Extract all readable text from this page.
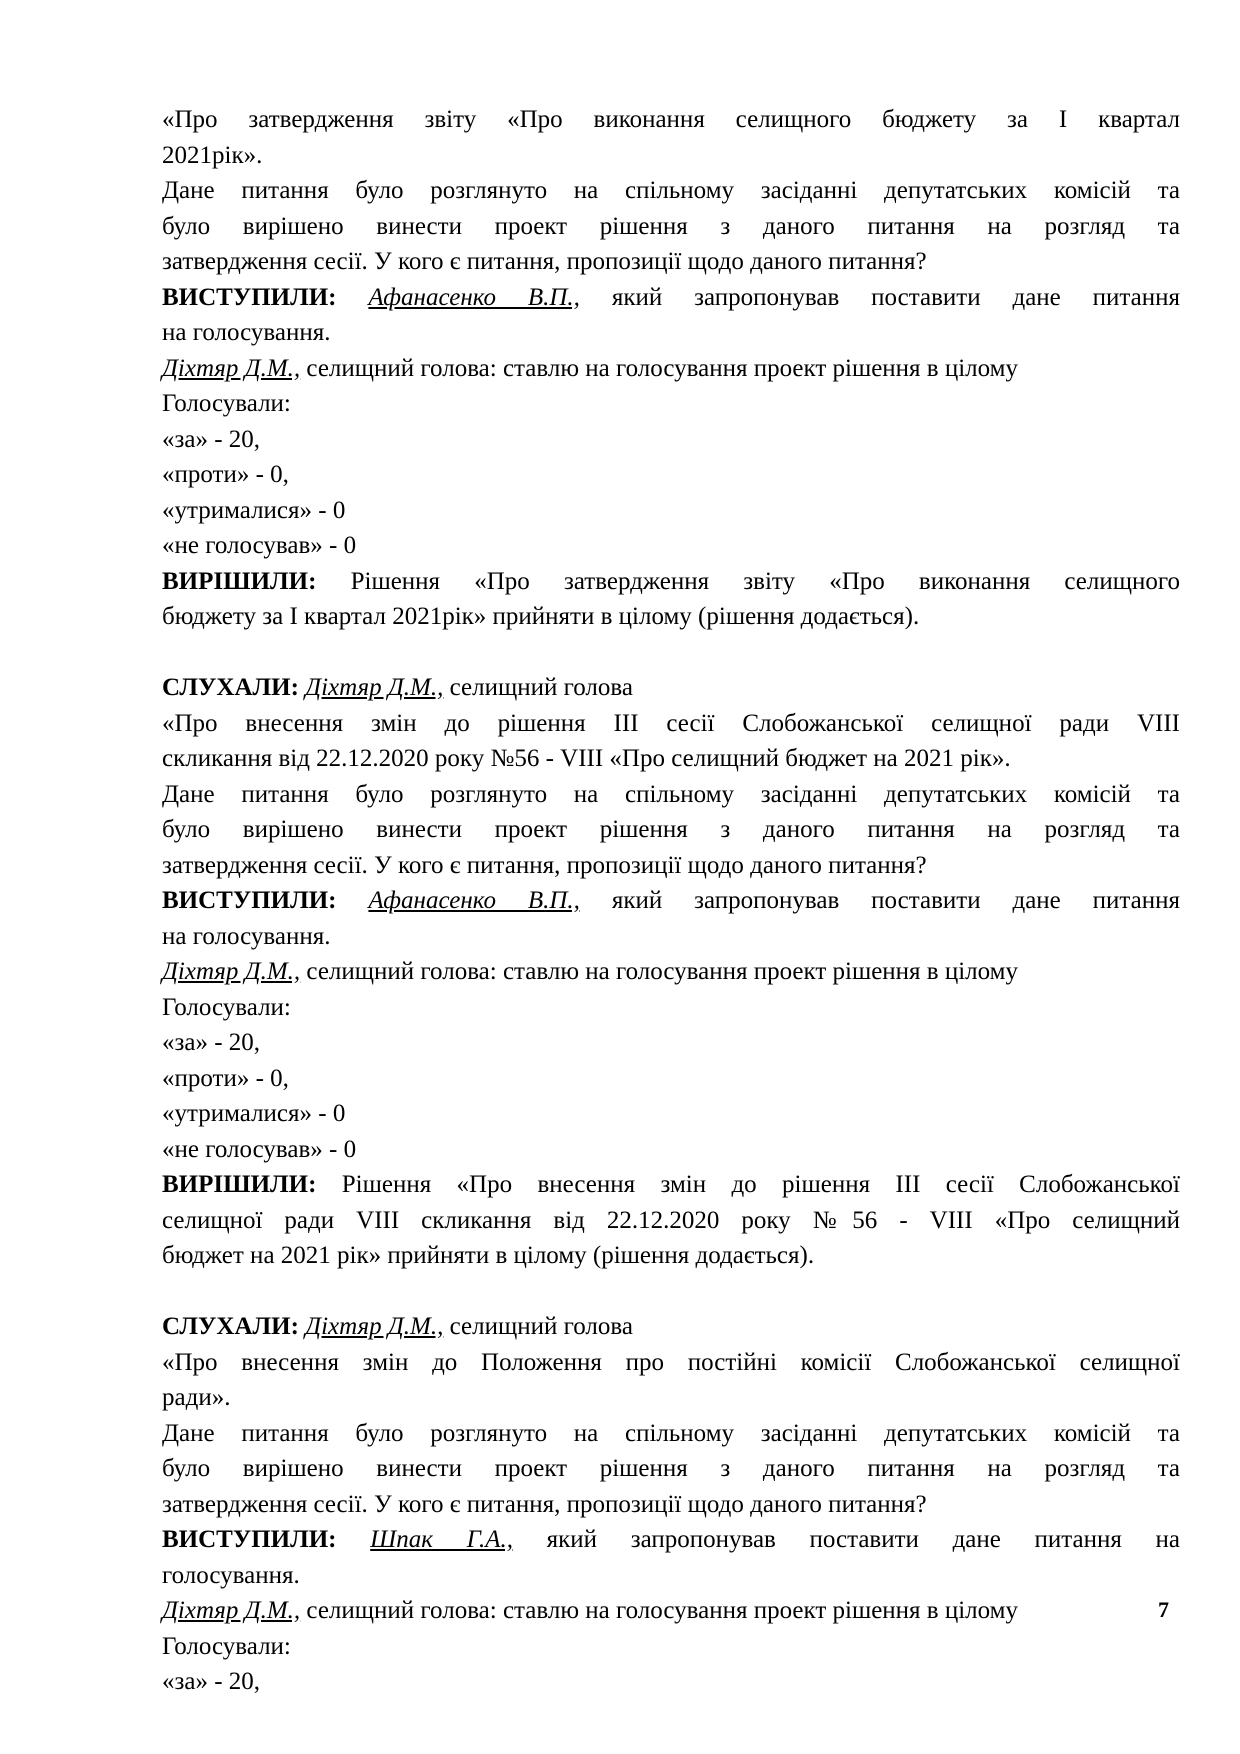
«Про затвердження звіту «Про виконання селищного бюджету за I квартал
2021рік».
Дане питання було розглянуто на спільному засіданні депутатських комісій та
було вирішено винести проект рішення з даного питання на розгляд та
затвердження сесії. У кого є питання, пропозиції щодо даного питання?
ВИСТУПИЛИ: Афанасенко В.П., який запропонував поставити дане питання
на голосування.
Діхтяр Д.М., селищний голова: ставлю на голосування проект рішення в цілому
Голосували:
«за» - 20,
«проти» - 0,
«утрималися» - 0
«не голосував» - 0
ВИРІШИЛИ: Рішення «Про затвердження звіту «Про виконання селищного
бюджету за I квартал 2021рік» прийняти в цілому (рішення додається).
СЛУХАЛИ: Діхтяр Д.М., селищний голова
«Про внесення змін до рішення III сесії Слобожанської селищної ради VIII
скликання від 22.12.2020 року №56 - VIII «Про селищний бюджет на 2021 рік».
Дане питання було розглянуто на спільному засіданні депутатських комісій та
було вирішено винести проект рішення з даного питання на розгляд та
затвердження сесії. У кого є питання, пропозиції щодо даного питання?
ВИСТУПИЛИ: Афанасенко В.П., який запропонував поставити дане питання
на голосування.
Діхтяр Д.М., селищний голова: ставлю на голосування проект рішення в цілому
Голосували:
«за» - 20,
«проти» - 0,
«утрималися» - 0
«не голосував» - 0
ВИРІШИЛИ: Рішення «Про внесення змін до рішення III сесії Слобожанської
селищної ради VIII скликання від 22.12.2020 року №56 - VIII «Про селищний
бюджет на 2021 рік» прийняти в цілому (рішення додається).
СЛУХАЛИ: Діхтяр Д.М., селищний голова
«Про внесення змін до Положення про постійні комісії Слобожанської селищної
ради».
Дане питання було розглянуто на спільному засіданні депутатських комісій та
було вирішено винести проект рішення з даного питання на розгляд та
затвердження сесії. У кого є питання, пропозиції щодо даного питання?
ВИСТУПИЛИ: Шпак Г.А., який запропонував поставити дане питання на
голосування.
Діхтяр Д.М., селищний голова: ставлю на голосування проект рішення в цілому
Голосували:
«за» - 20,
7
